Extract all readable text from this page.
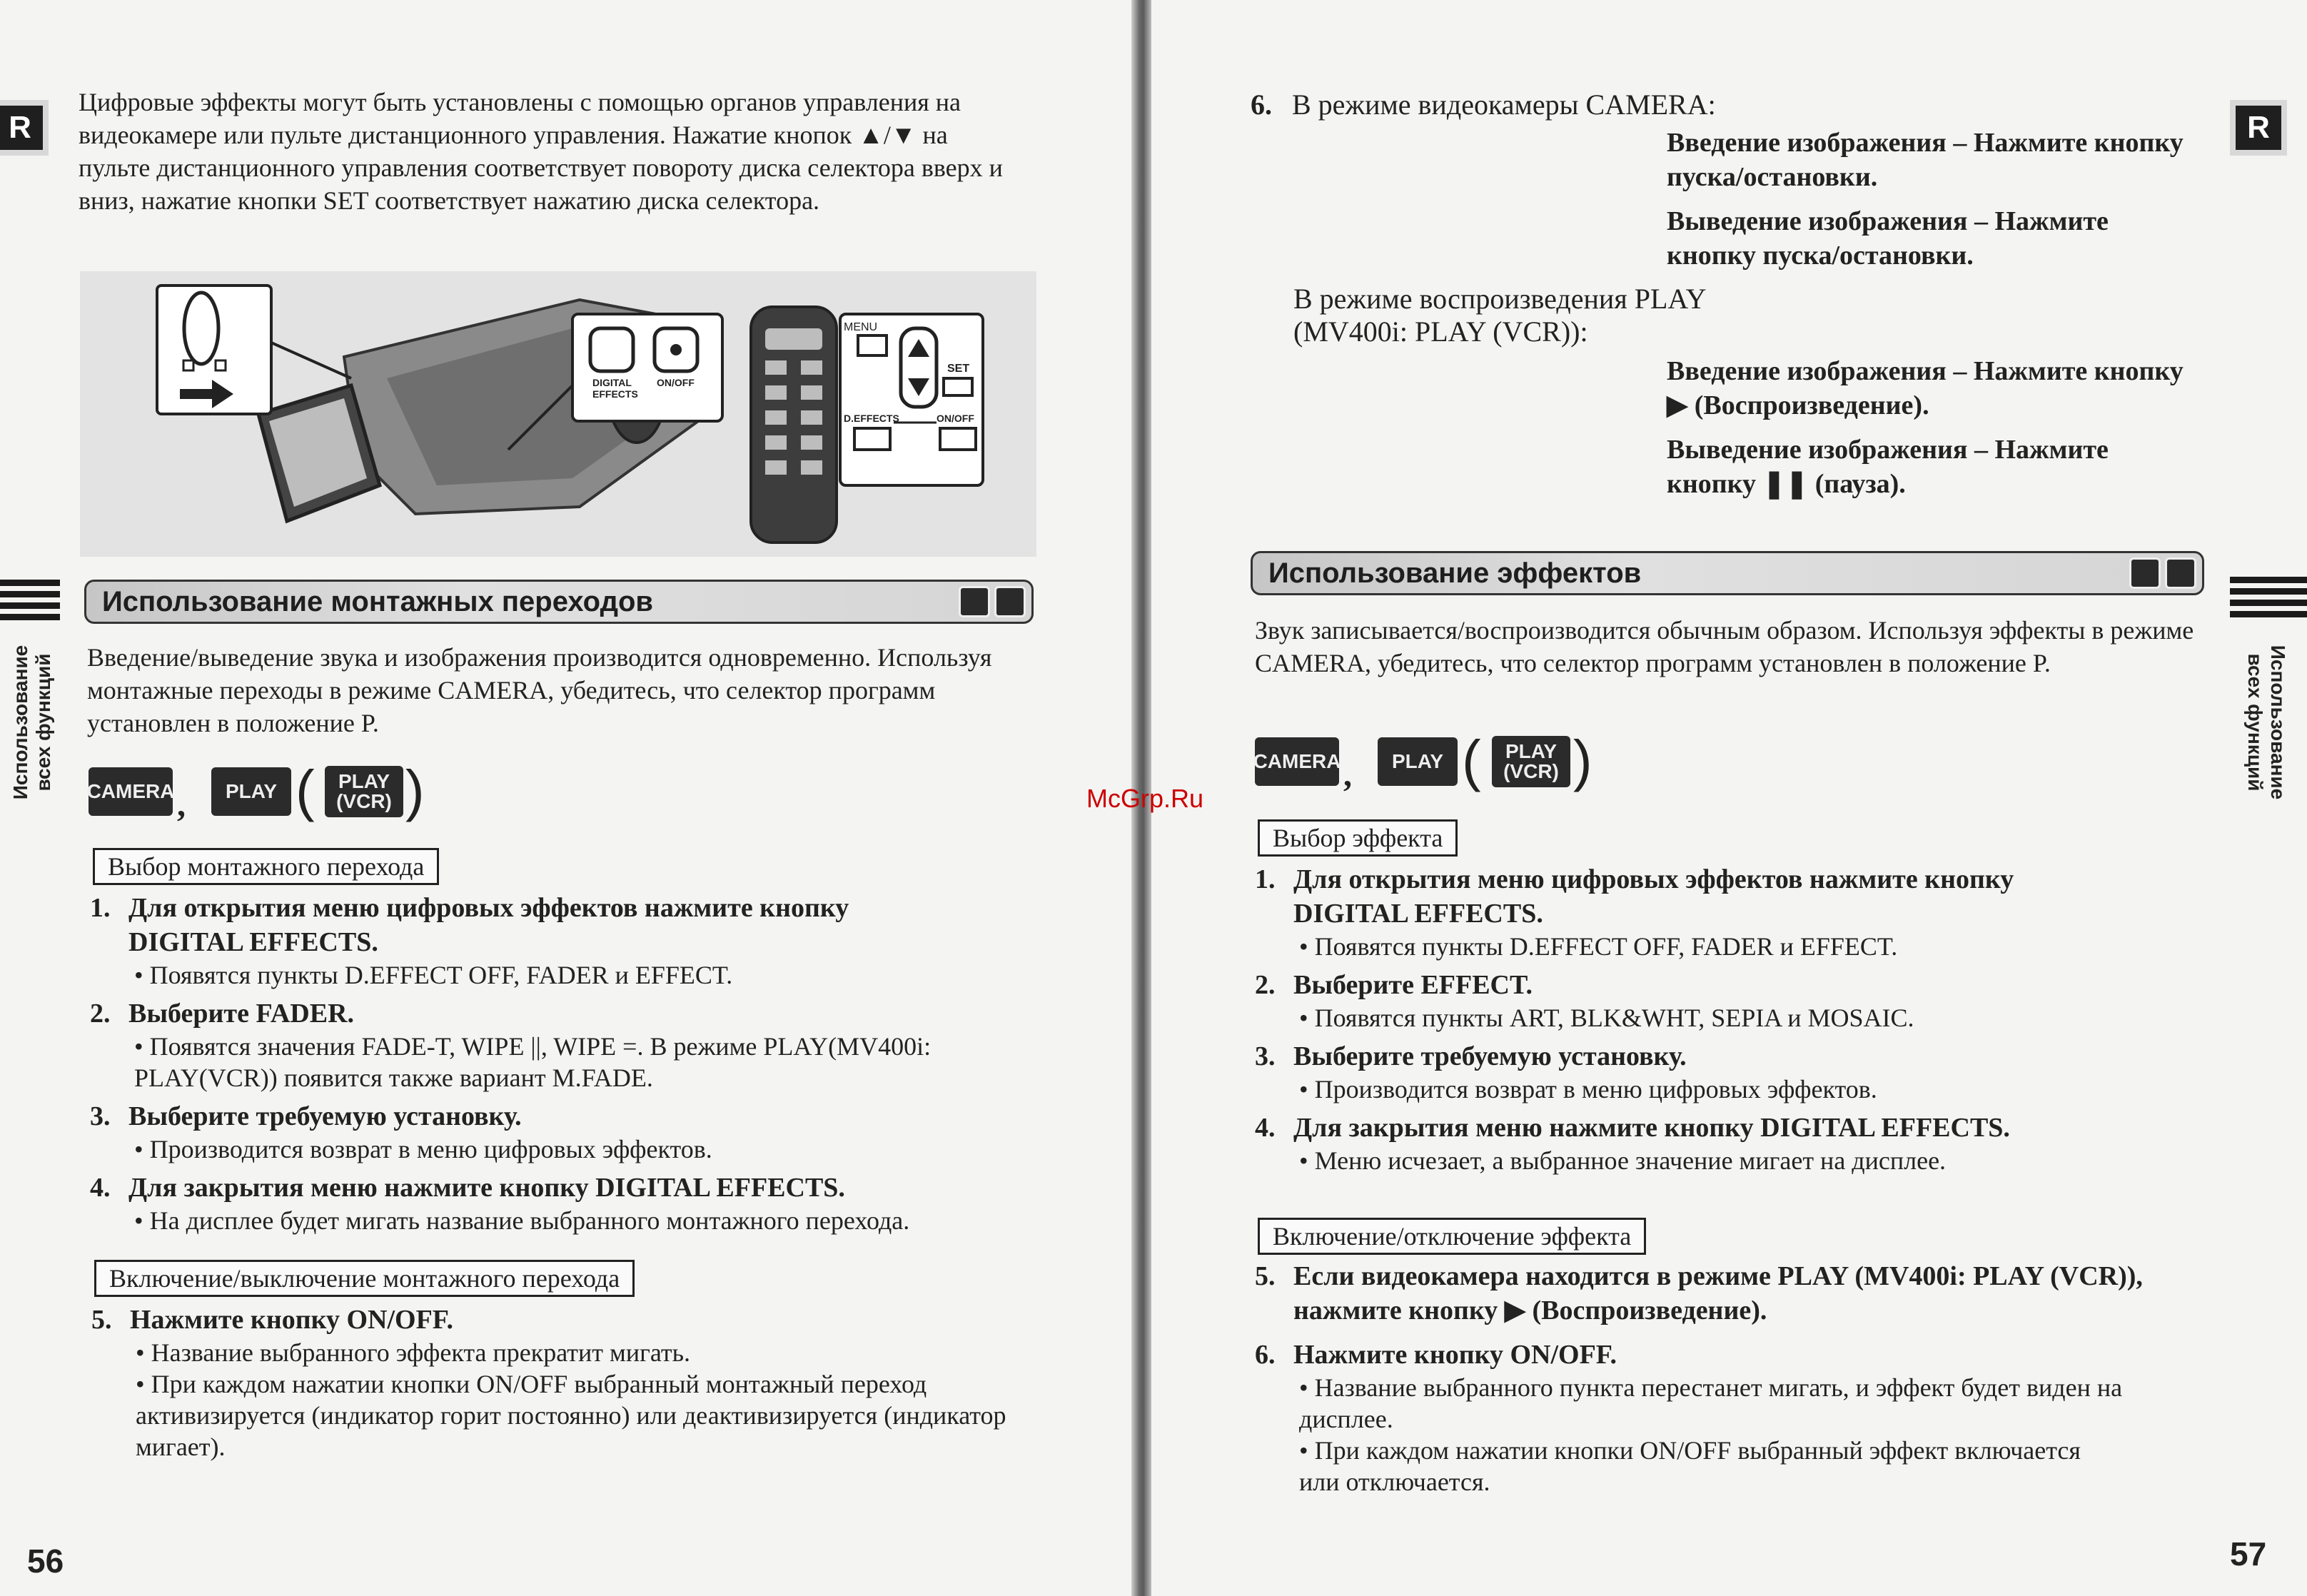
R
Использование всех функций
Цифровые эффекты могут быть установлены с помощью органов управления на видеокамере или пульте дистанционного управления. Нажатие кнопок ▲/▼ на пульте дистанционного управления соответствует повороту диска селектора вверх и вниз, нажатие кнопки SET соответствует нажатию диска селектора.
DIGITAL EFFECTS
ON/OFF
MENU
SET
D.EFFECTS	ON/OFF
Использование монтажных переходов
Введение/выведение звука и изображения производится одновременно. Используя монтажные переходы в режиме CAMERA, убедитесь, что селектор программ установлен в положение P.
CAMERA ,	PLAY ( PLAY
(VCR) )
Выбор монтажного перехода
1. Для открытия меню цифровых эффектов нажмите кнопку DIGITAL EFFECTS.
• Появятся пункты D.EFFECT OFF, FADER и EFFECT.
2. Выберите FADER.
• Появятся значения FADE-T, WIPE ||, WIPE =. В режиме PLAY(MV400i: PLAY(VCR)) появится также вариант M.FADE.
3. Выберите требуемую установку.
• Производится возврат в меню цифровых эффектов.
4. Для закрытия меню нажмите кнопку DIGITAL EFFECTS.
• На дисплее будет мигать название выбранного монтажного перехода.
Включение/выключение монтажного перехода
5. Нажмите кнопку ON/OFF.
• Название выбранного эффекта прекратит мигать.
• При каждом нажатии кнопки ON/OFF выбранный монтажный переход активизируется (индикатор горит постоянно) или деактивизируется (индикатор мигает).
56
McGrp.Ru
R
Использование
всех функций
6. В режиме видеокамеры CAMERA:
Введение изображения – Нажмите кнопку пуска/остановки.
Выведение изображения – Нажмите кнопку пуска/остановки.
В режиме воспроизведения PLAY (MV400i: PLAY (VCR)):
Введение изображения – Нажмите кнопку ▶ (Воспроизведение).
Выведение изображения – Нажмите кнопку ❚❚ (пауза).
Использование эффектов
Звук записывается/воспроизводится обычным образом. Используя эффекты в режиме CAMERA, убедитесь, что селектор программ установлен в положение P.
CAMERA ,	PLAY ( PLAY
(VCR) )
Выбор эффекта
1. Для открытия меню цифровых эффектов нажмите кнопку DIGITAL EFFECTS.
• Появятся пункты D.EFFECT OFF, FADER и EFFECT.
2. Выберите EFFECT.
• Появятся пункты ART, BLK&WHT, SEPIA и MOSAIC.
3. Выберите требуемую установку.
• Производится возврат в меню цифровых эффектов.
4. Для закрытия меню нажмите кнопку DIGITAL EFFECTS.
• Меню исчезает, а выбранное значение мигает на дисплее.
Включение/отключение эффекта
5. Если видеокамера находится в режиме PLAY (MV400i: PLAY (VCR)), нажмите кнопку ▶ (Воспроизведение).
6. Нажмите кнопку ON/OFF.
• Название выбранного пункта перестанет мигать, и эффект будет виден на дисплее.
• При каждом нажатии кнопки ON/OFF выбранный эффект включается или отключается.
57
